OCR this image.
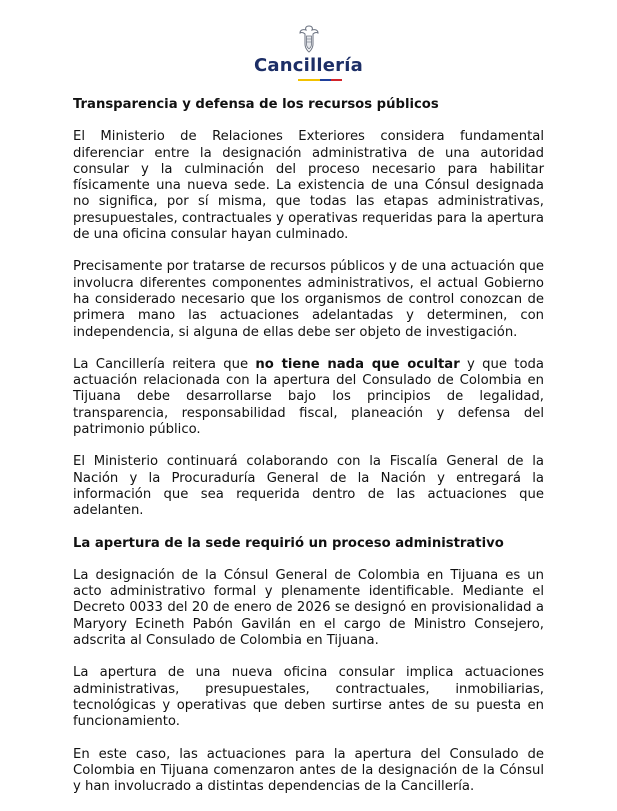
Cancillería
Transparencia y defensa de los recursos públicos

El Ministerio de Relaciones Exteriores considera fundamental diferenciar entre la designación administrativa de una autoridad consular y la culminación del proceso necesario para habilitar físicamente una nueva sede. La existencia de una Cónsul designada no significa, por sí misma, que todas las etapas administrativas, presupuestales, contractuales y operativas requeridas para la apertura de una oficina consular hayan culminado.

Precisamente por tratarse de recursos públicos y de una actuación que involucra diferentes componentes administrativos, el actual Gobierno ha considerado necesario que los organismos de control conozcan de primera mano las actuaciones adelantadas y determinen, con independencia, si alguna de ellas debe ser objeto de investigación.

La Cancillería reitera que no tiene nada que ocultar y que toda actuación relacionada con la apertura del Consulado de Colombia en Tijuana debe desarrollarse bajo los principios de legalidad, transparencia, responsabilidad fiscal, planeación y defensa del patrimonio público.

El Ministerio continuará colaborando con la Fiscalía General de la Nación y la Procuraduría General de la Nación y entregará la información que sea requerida dentro de las actuaciones que adelanten.

La apertura de la sede requirió un proceso administrativo

La designación de la Cónsul General de Colombia en Tijuana es un acto administrativo formal y plenamente identificable. Mediante el Decreto 0033 del 20 de enero de 2026 se designó en provisionalidad a Maryory Ecineth Pabón Gavilán en el cargo de Ministro Consejero, adscrita al Consulado de Colombia en Tijuana.

La apertura de una nueva oficina consular implica actuaciones administrativas, presupuestales, contractuales, inmobiliarias, tecnológicas y operativas que deben surtirse antes de su puesta en funcionamiento.

En este caso, las actuaciones para la apertura del Consulado de Colombia en Tijuana comenzaron antes de la designación de la Cónsul y han involucrado a distintas dependencias de la Cancillería.
